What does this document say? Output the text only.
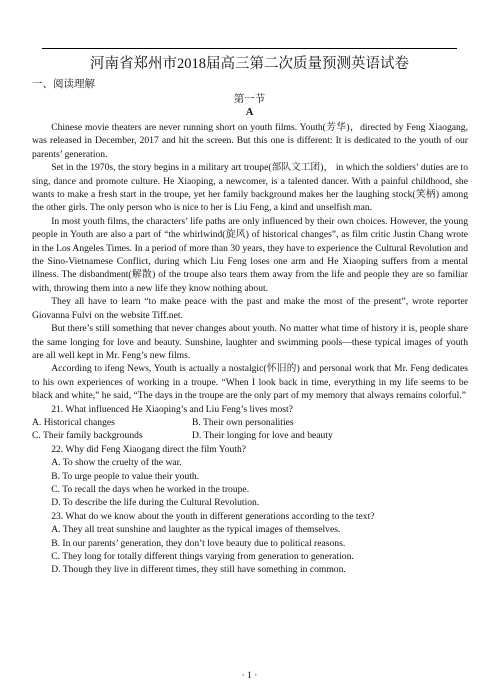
河南省郑州市2018届高三第二次质量预测英语试卷
一、阅读理解
第一节
A

Chinese movie theaters are never running short on youth films. Youth(芳华)，directed by Feng Xiaogang, was released in December, 2017 and hit the screen. But this one is different: It is dedicated to the youth of our parents’ generation.

Set in the 1970s, the story begins in a military art troupe(部队文工团)， in which the soldiers’ duties are to sing, dance and promote culture. He Xiaoping, a newcomer, is a talented dancer. With a painful childhood, she wants to make a fresh start in the troupe, yet her family background makes her the laughing stock(笑柄) among the other girls. The only person who is nice to her is Liu Feng, a kind and unselfish man.

In most youth films, the characters’ life paths are only influenced by their own choices. However, the young people in Youth are also a part of “the whirlwind(旋风) of historical changes”, as film critic Justin Chang wrote in the Los Angeles Times. In a period of more than 30 years, they have to experience the Cultural Revolution and the Sino-Vietnamese Conflict, during which Liu Feng loses one arm and He Xiaoping suffers from a mental illness. The disbandment(解散) of the troupe also tears them away from the life and people they are so familiar with, throwing them into a new life they know nothing about.

They all have to learn “to make peace with the past and make the most of the present”, wrote reporter Giovanna Fulvi on the website Tiff.net.

But there’s still something that never changes about youth. No matter what time of history it is, people share the same longing for love and beauty. Sunshine, laughter and swimming pools—these typical images of youth are all well kept in Mr. Feng’s new films.

According to ifeng News, Youth is actually a nostalgic(怀旧的) and personal work that Mr. Feng dedicates to his own experiences of working in a troupe. “When I look back in time, everything in my life seems to be black and white,” he said, “The days in the troupe are the only part of my memory that always remains colorful.”

21. What influenced He Xiaoping’s and Liu Feng’s lives most?

A. Historical changes	B. Their own personalities
C. Their family backgrounds	D. Their longing for love and beauty

22. Why did Feng Xiaogang direct the film Youth?

A. To show the cruelty of the war.

B. To urge people to value their youth.

C. To recall the days when he worked in the troupe.

D. To describe the life during the Cultural Revolution.

23. What do we know about the youth in different generations according to the text?

A. They all treat sunshine and laughter as the typical images of themselves.

B. In our parents’ generation, they don’t love beauty due to political reasons.

C. They long for totally different things varying from generation to generation.

D. Though they live in different times, they still have something in common.

· 1 ·
